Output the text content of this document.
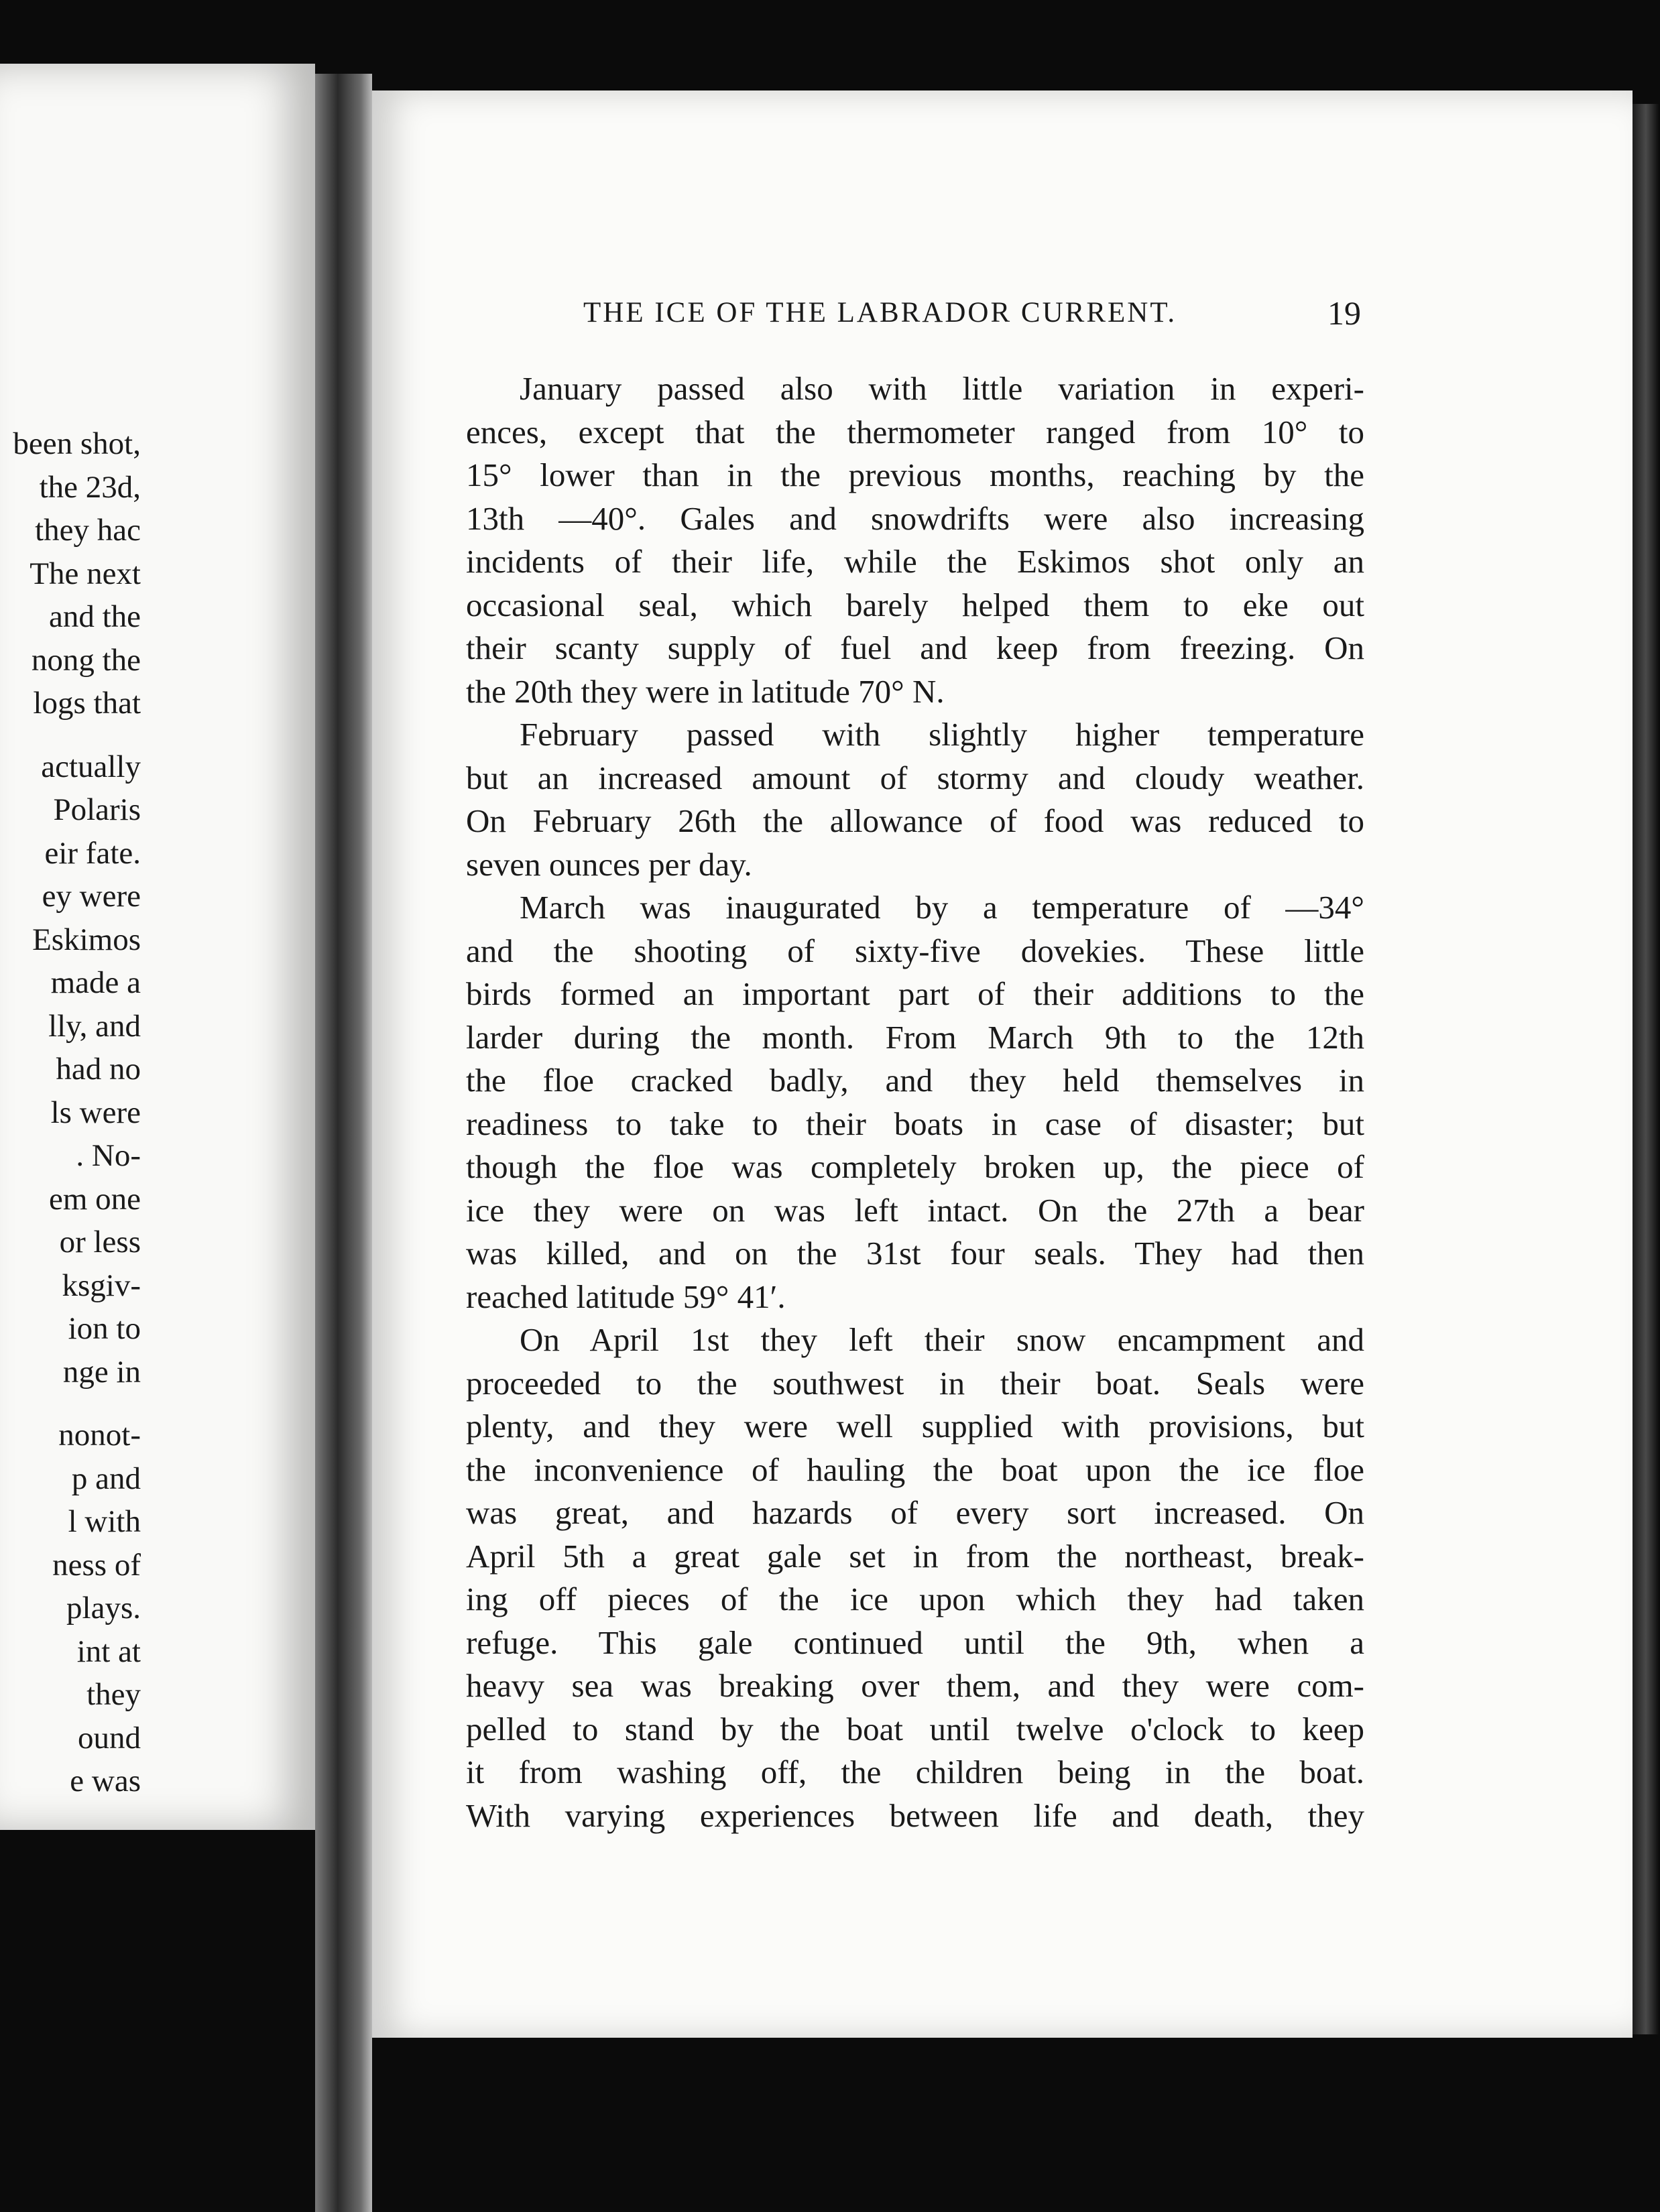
been shot,
the 23d,
they hac
The next
and the
nong the
logs that
actually
Polaris
eir fate.
ey were
Eskimos
made a
lly, and
had no
ls were
. No-
em one
or less
ksgiv-
ion to
nge in
nonot-
p and
l with
ness of
plays.
int at
they
ound
e was
THE ICE OF THE LABRADOR CURRENT.	19
January passed also with little variation in experi-
ences, except that the thermometer ranged from 10° to
15° lower than in the previous months, reaching by the
13th —40°. Gales and snowdrifts were also increasing
incidents of their life, while the Eskimos shot only an
occasional seal, which barely helped them to eke out
their scanty supply of fuel and keep from freezing. On
the 20th they were in latitude 70° N.
February passed with slightly higher temperature
but an increased amount of stormy and cloudy weather.
On February 26th the allowance of food was reduced to
seven ounces per day.
March was inaugurated by a temperature of —34°
and the shooting of sixty-five dovekies. These little
birds formed an important part of their additions to the
larder during the month. From March 9th to the 12th
the floe cracked badly, and they held themselves in
readiness to take to their boats in case of disaster; but
though the floe was completely broken up, the piece of
ice they were on was left intact. On the 27th a bear
was killed, and on the 31st four seals. They had then
reached latitude 59° 41′.
On April 1st they left their snow encampment and
proceeded to the southwest in their boat. Seals were
plenty, and they were well supplied with provisions, but
the inconvenience of hauling the boat upon the ice floe
was great, and hazards of every sort increased. On
April 5th a great gale set in from the northeast, break-
ing off pieces of the ice upon which they had taken
refuge. This gale continued until the 9th, when a
heavy sea was breaking over them, and they were com-
pelled to stand by the boat until twelve o'clock to keep
it from washing off, the children being in the boat.
With varying experiences between life and death, they
